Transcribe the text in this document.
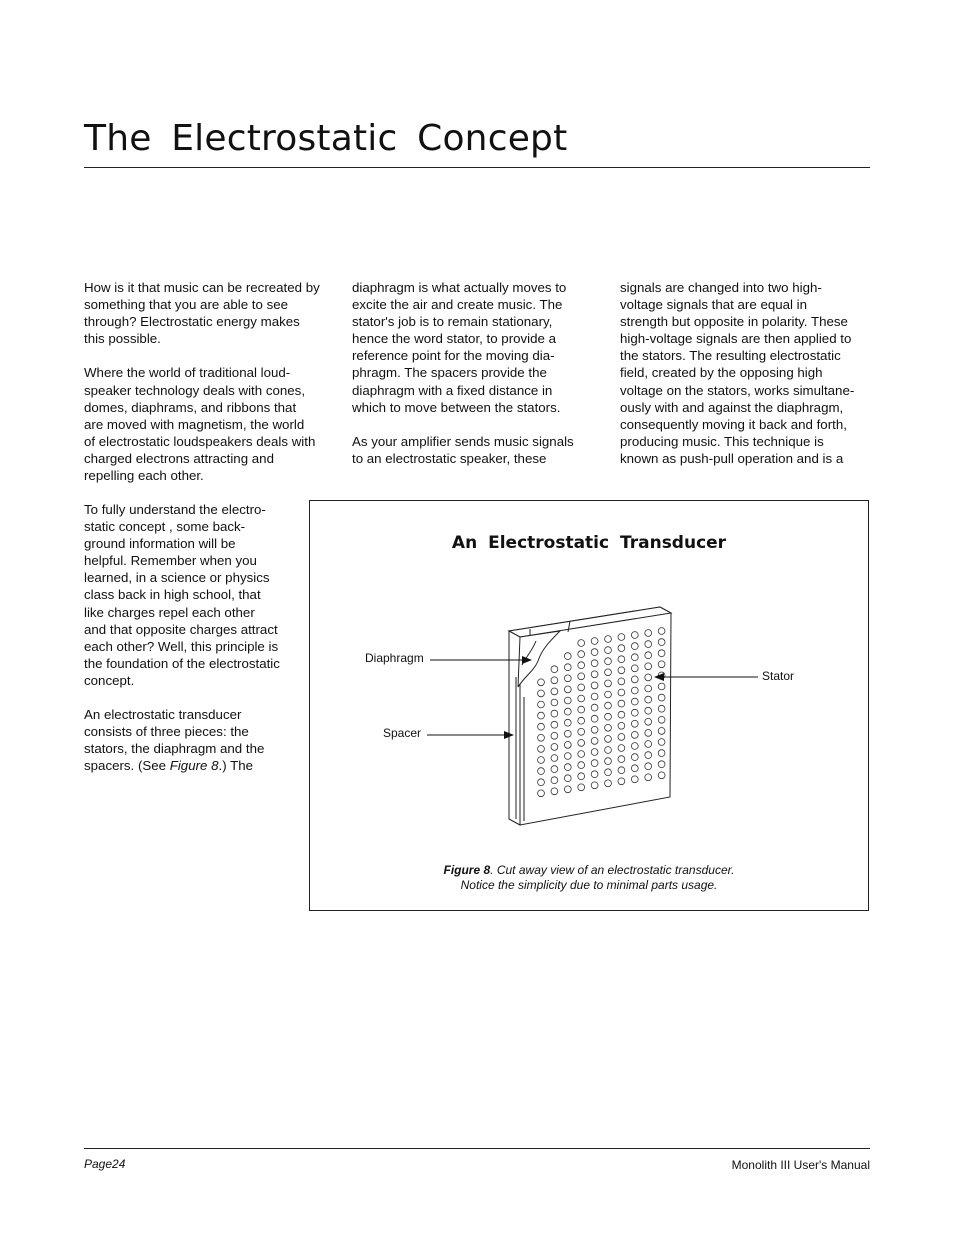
The Electrostatic Concept

How is it that music can be recreated by
something that you are able to see
through? Electrostatic energy makes
this possible.

Where the world of traditional loud-
speaker technology deals with cones,
domes, diaphrams, and ribbons that
are moved with magnetism, the world
of electrostatic loudspeakers deals with
charged electrons attracting and
repelling each other.

To fully understand the electro-
static concept , some back-
ground information will be
helpful. Remember when you
learned, in a science or physics
class back in high school, that
like charges repel each other
and that opposite charges attract
each other? Well, this principle is
the foundation of the electrostatic
concept.

An electrostatic transducer
consists of three pieces: the
stators, the diaphragm and the
spacers. (See Figure 8.) The

diaphragm is what actually moves to
excite the air and create music. The
stator's job is to remain stationary,
hence the word stator, to provide a
reference point for the moving dia-
phragm. The spacers provide the
diaphragm with a fixed distance in
which to move between the stators.

As your amplifier sends music signals
to an electrostatic speaker, these

signals are changed into two high-
voltage signals that are equal in
strength but opposite in polarity. These
high-voltage signals are then applied to
the stators. The resulting electrostatic
field, created by the opposing high
voltage on the stators, works simultane-
ously with and against the diaphragm,
consequently moving it back and forth,
producing music. This technique is
known as push-pull operation and is a

An Electrostatic Transducer
Diaphragm
Spacer
Stator
Figure 8. Cut away view of an electrostatic transducer.
Notice the simplicity due to minimal parts usage.
Page24	Monolith III User's Manual
